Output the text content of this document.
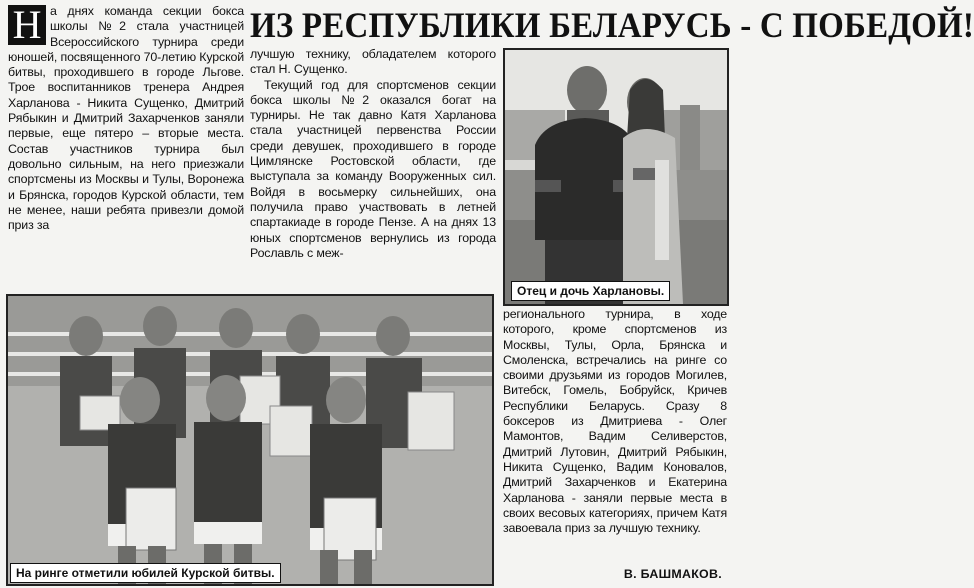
Н а днях команда секции бокса школы №2 стала участницей Всероссийского турнира среди юношей, посвященного 70-летию Курской битвы, проходившего в городе Льгове. Трое воспитанников тренера Андрея Харланова - Никита Сущенко, Дмитрий Рябыкин и Дмитрий Захарченков заняли первые, еще пятеро – вторые места. Состав участников турнира был довольно сильным, на него приезжали спортсмены из Москвы и Тулы, Воронежа и Брянска, городов Курской области, тем не менее, наши ребята привезли домой приз за
ИЗ РЕСПУБЛИКИ БЕЛАРУСЬ - С ПОБЕДОЙ!

лучшую технику, обладателем которого стал Н. Сущенко.

Текущий год для спортсменов секции бокса школы №2 оказался богат на турниры. Не так давно Катя Харланова стала участницей первенства России среди девушек, проходившего в городе Цимлянске Ростовской области, где выступала за команду Вооруженных сил. Войдя в восьмерку сильнейших, она получила право участвовать в летней спартакиаде в городе Пензе. А на днях 13 юных спортсменов вернулись из города Рославль с меж-

Отец и дочь Харлановы.
На ринге отметили юбилей Курской битвы.
регионального турнира, в ходе которого, кроме спортсменов из Москвы, Тулы, Орла, Брянска и Смоленска, встречались на ринге со своими друзьями из городов Могилев, Витебск, Гомель, Бобруйск, Кричев Республики Беларусь. Сразу 8 боксеров из Дмитриева - Олег Мамонтов, Вадим Селиверстов, Дмитрий Лутовин, Дмитрий Рябыкин, Никита Сущенко, Вадим Коновалов, Дмитрий Захарченков и Екатерина Харланова - заняли первые места в своих весовых категориях, причем Катя завоевала приз за лучшую технику.
В. БАШМАКОВ.
